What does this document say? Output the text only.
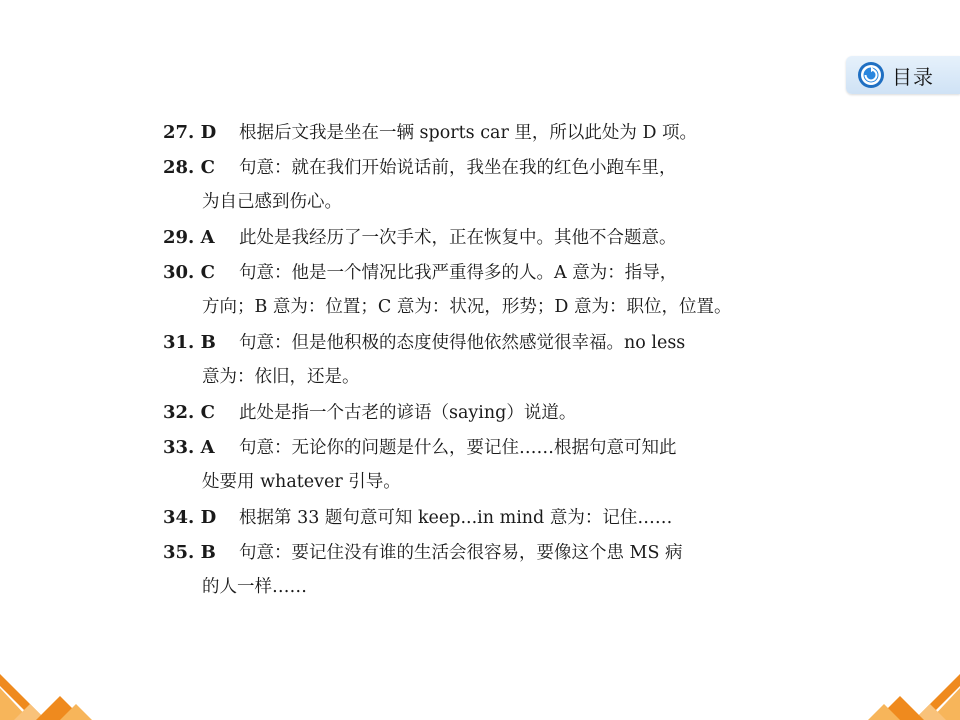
目录
27. D 根据后文我是坐在一辆 sports car 里，所以此处为 D 项。
28. C 句意：就在我们开始说话前，我坐在我的红色小跑车里，
为自己感到伤心。
29. A 此处是我经历了一次手术，正在恢复中。其他不合题意。
30. C 句意：他是一个情况比我严重得多的人。A 意为：指导，
方向；B 意为：位置；C 意为：状况，形势；D 意为：职位，位置。
31. B 句意：但是他积极的态度使得他依然感觉很幸福。no less
意为：依旧，还是。
32. C 此处是指一个古老的谚语（saying）说道。
33. A 句意：无论你的问题是什么，要记住……根据句意可知此
处要用 whatever 引导。
34. D 根据第 33 题句意可知 keep...in mind 意为：记住……
35. B 句意：要记住没有谁的生活会很容易，要像这个患 MS 病
的人一样……
